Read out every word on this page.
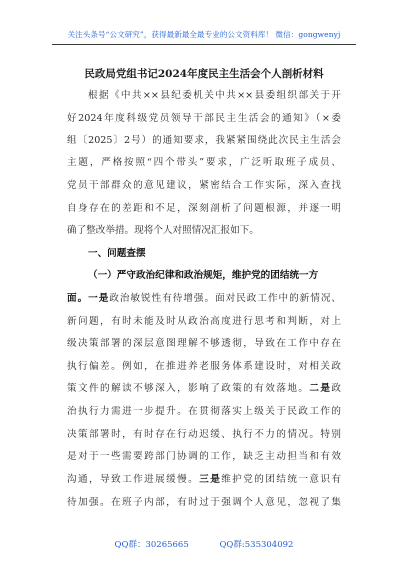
关注头条号“公文研究”，获得最新最全最专业的公文资料库！ 微信：gongwenyj
民政局党组书记2024年度民主生活会个人剖析材料
根据《中共××县纪委机关中共××县委组织部关于开
好2024年度科级党员领导干部民主生活会的通知》（×委
组〔2025〕2号）的通知要求，我紧紧围绕此次民主生活会
主题，严格按照“四个带头”要求，广泛听取班子成员、
党员干部群众的意见建议，紧密结合工作实际，深入查找
自身存在的差距和不足，深刻剖析了问题根源，并逐一明
确了整改举措。现将个人对照情况汇报如下。
一、问题查摆
（一）严守政治纪律和政治规矩，维护党的团结统一方
面。一是政治敏锐性有待增强。面对民政工作中的新情况、
新问题，有时未能及时从政治高度进行思考和判断，对上
级决策部署的深层意图理解不够透彻，导致在工作中存在
执行偏差。例如，在推进养老服务体系建设时，对相关政
策文件的解读不够深入，影响了政策的有效落地。二是政
治执行力需进一步提升。在贯彻落实上级关于民政工作的
决策部署时，有时存在行动迟缓、执行不力的情况。特别
是对于一些需要跨部门协调的工作，缺乏主动担当和有效
沟通，导致工作进展缓慢。三是维护党的团结统一意识有
待加强。在班子内部，有时过于强调个人意见，忽视了集
QQ群：30265665	QQ群:535304092
